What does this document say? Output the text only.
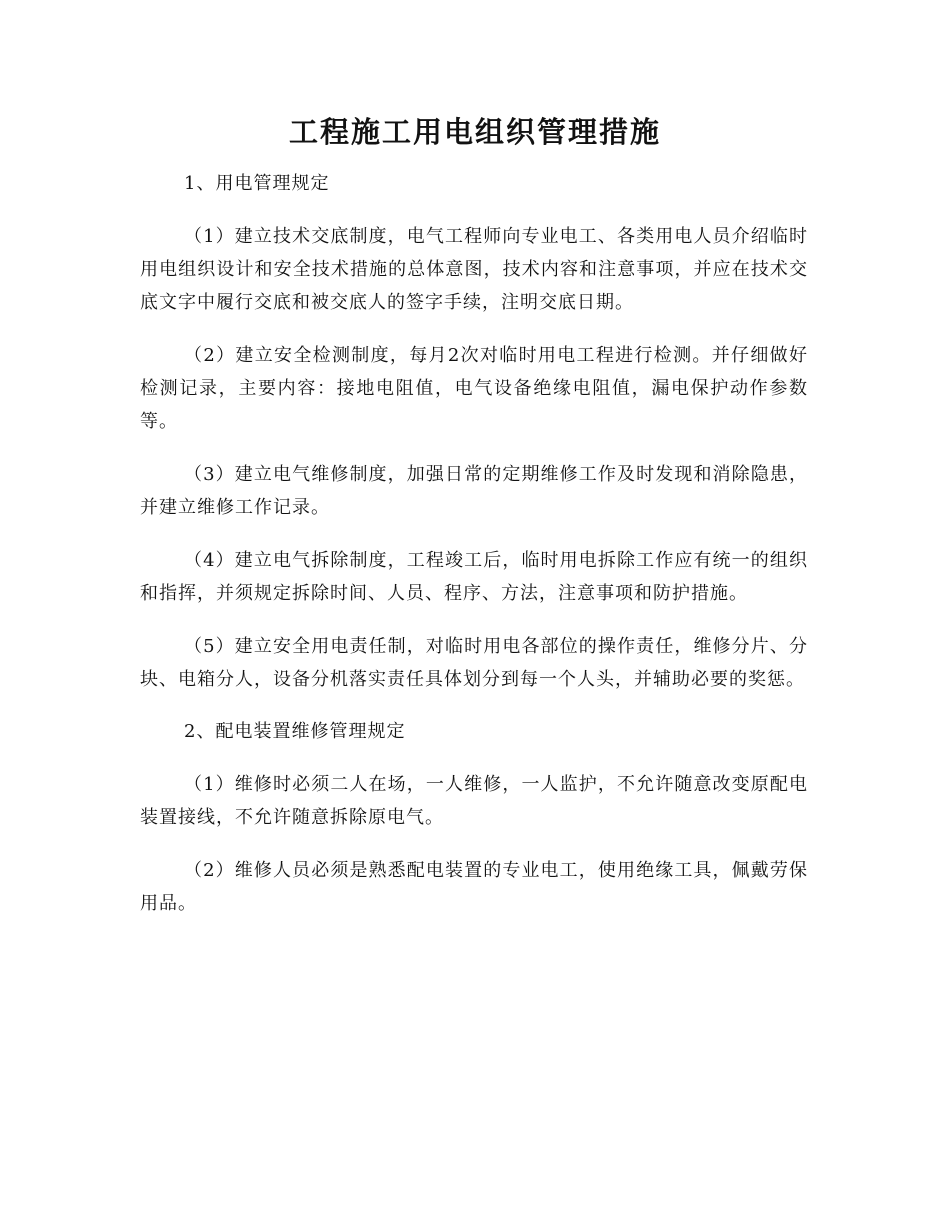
工程施工用电组织管理措施

1、用电管理规定

（1）建立技术交底制度，电气工程师向专业电工、各类用电人员介绍临时用电组织设计和安全技术措施的总体意图，技术内容和注意事项，并应在技术交底文字中履行交底和被交底人的签字手续，注明交底日期。

（2）建立安全检测制度，每月2次对临时用电工程进行检测。并仔细做好检测记录，主要内容：接地电阻值，电气设备绝缘电阻值，漏电保护动作参数等。

（3）建立电气维修制度，加强日常的定期维修工作及时发现和消除隐患，并建立维修工作记录。

（4）建立电气拆除制度，工程竣工后，临时用电拆除工作应有统一的组织和指挥，并须规定拆除时间、人员、程序、方法，注意事项和防护措施。

（5）建立安全用电责任制，对临时用电各部位的操作责任，维修分片、分块、电箱分人，设备分机落实责任具体划分到每一个人头，并辅助必要的奖惩。

2、配电装置维修管理规定

（1）维修时必须二人在场，一人维修，一人监护，不允许随意改变原配电装置接线，不允许随意拆除原电气。

（2）维修人员必须是熟悉配电装置的专业电工，使用绝缘工具，佩戴劳保用品。
